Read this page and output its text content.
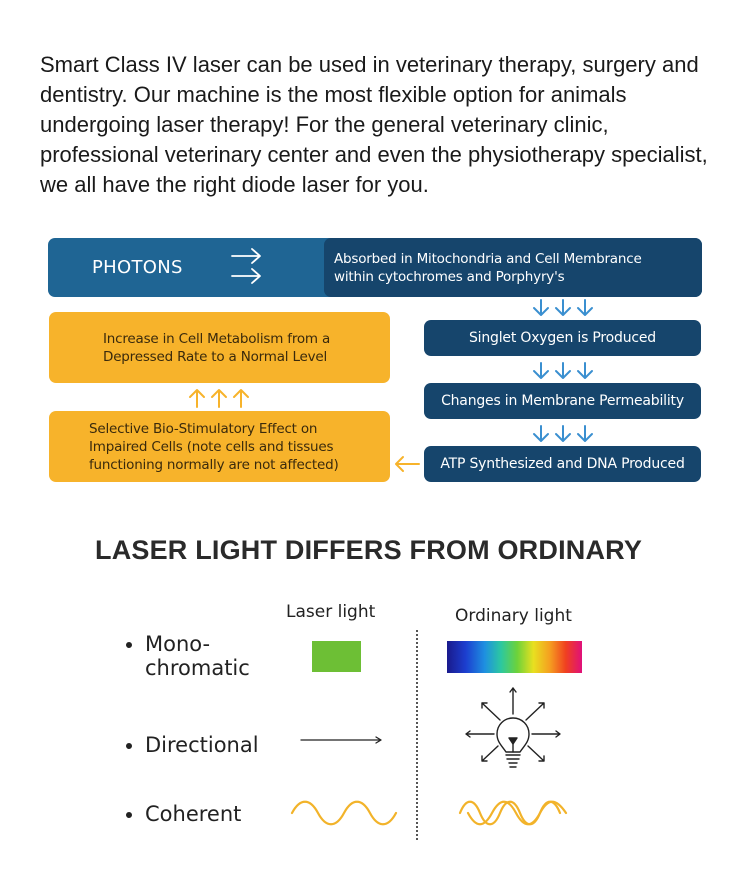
Smart Class IV laser can be used in veterinary therapy, surgery and dentistry. Our machine is the most flexible option for animals undergoing laser therapy! For the general veterinary clinic, professional veterinary center and even the physiotherapy specialist, we all have the right diode laser for you.

PHOTONS	Absorbed in Mitochondria and Cell Membrance
within cytochromes and Porphyry's
Singlet Oxygen is Produced
Changes in Membrane Permeability
ATP Synthesized and DNA Produced
Increase in Cell Metabolism from a
Depressed Rate to a Normal Level
Selective Bio-Stimulatory Effect on
Impaired Cells (note cells and tissues
functioning normally are not affected)
LASER LIGHT DIFFERS FROM ORDINARY
Laser light	Ordinary light
Mono-
chromatic
Directional
Coherent
